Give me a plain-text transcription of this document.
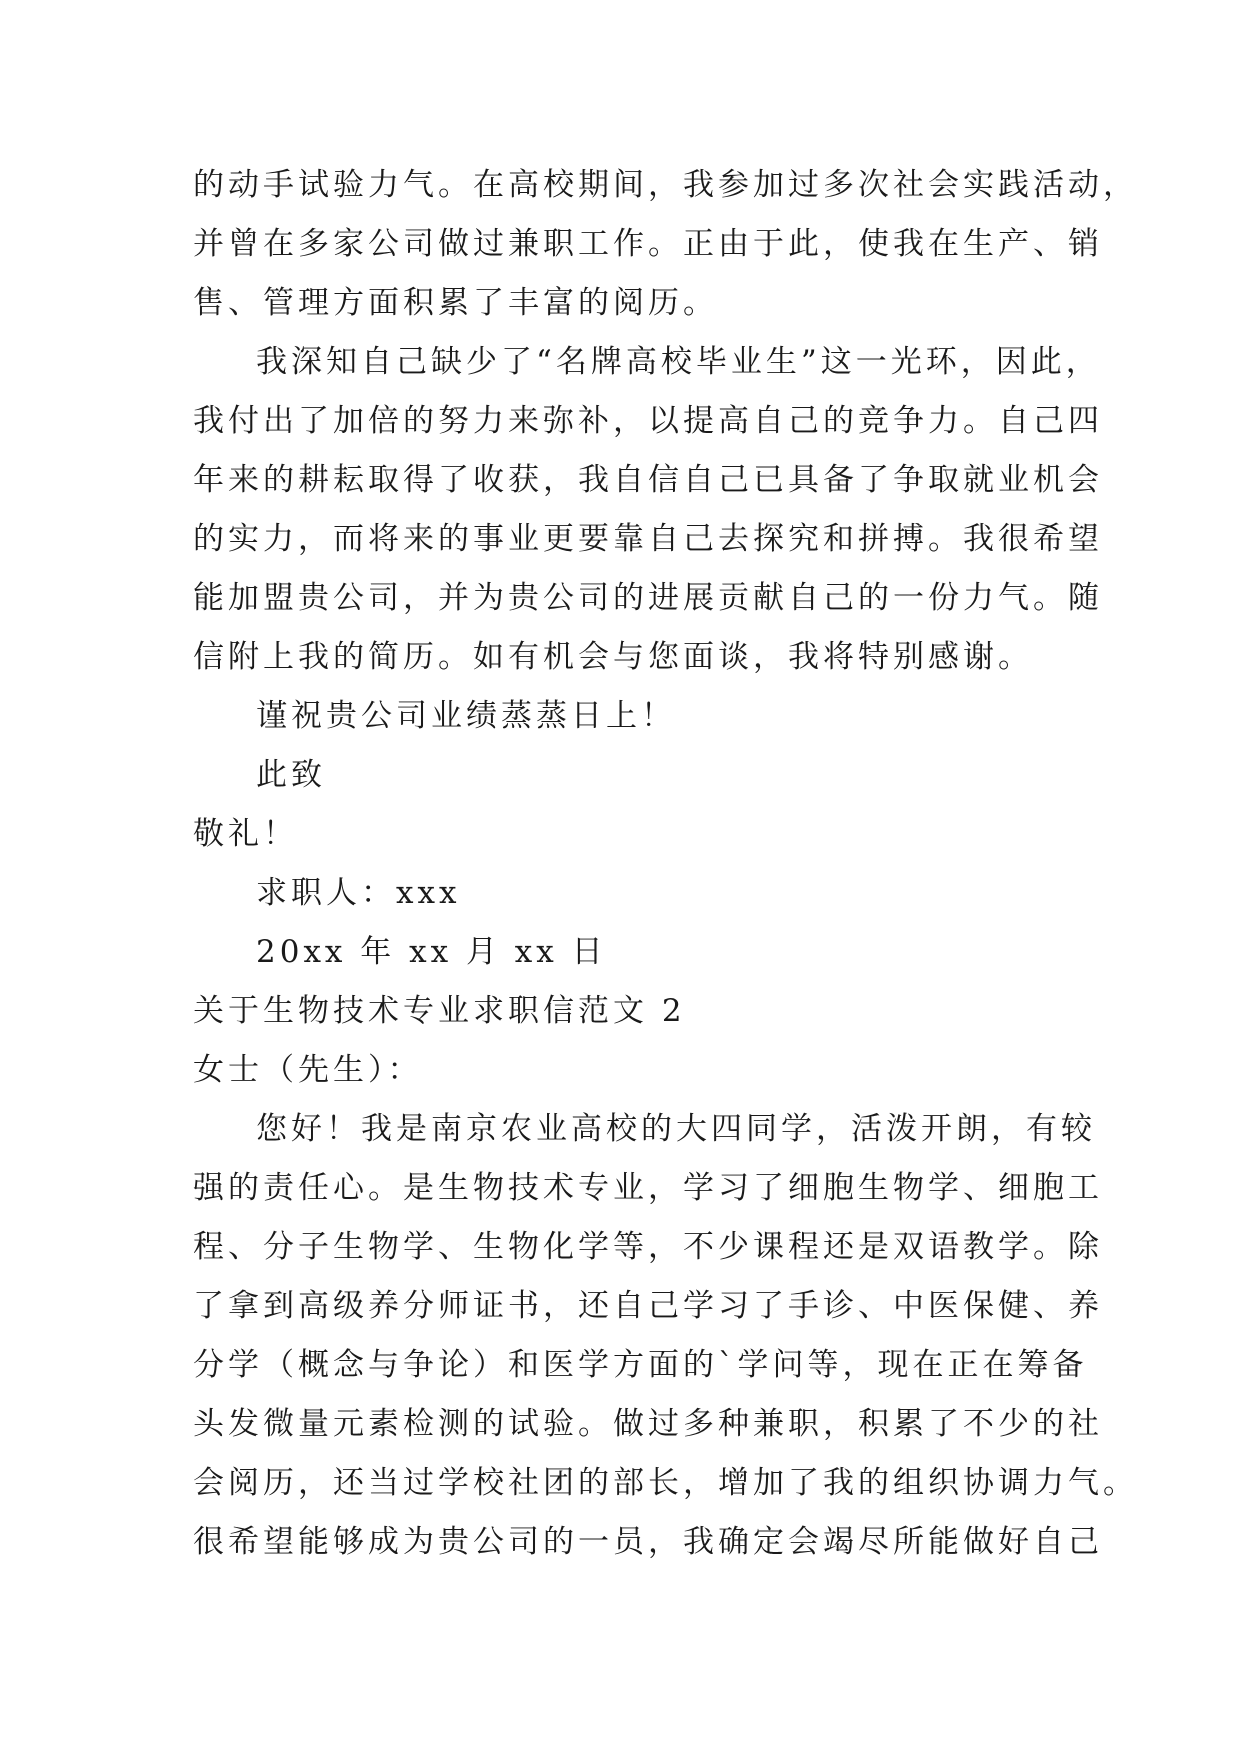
的动手试验力气。在高校期间，我参加过多次社会实践活动，
并曾在多家公司做过兼职工作。正由于此，使我在生产、销
售、管理方面积累了丰富的阅历。
我深知自己缺少了“名牌高校毕业生”这一光环，因此，
我付出了加倍的努力来弥补，以提高自己的竞争力。自己四
年来的耕耘取得了收获，我自信自己已具备了争取就业机会
的实力，而将来的事业更要靠自己去探究和拼搏。我很希望
能加盟贵公司，并为贵公司的进展贡献自己的一份力气。随
信附上我的简历。如有机会与您面谈，我将特别感谢。
谨祝贵公司业绩蒸蒸日上！
此致
敬礼！
求职人：xxx
20xx 年 xx 月 xx 日
关于生物技术专业求职信范文 2
女士（先生）：
您好！我是南京农业高校的大四同学，活泼开朗，有较
强的责任心。是生物技术专业，学习了细胞生物学、细胞工
程、分子生物学、生物化学等，不少课程还是双语教学。除
了拿到高级养分师证书，还自己学习了手诊、中医保健、养
分学（概念与争论）和医学方面的`学问等，现在正在筹备
头发微量元素检测的试验。做过多种兼职，积累了不少的社
会阅历，还当过学校社团的部长，增加了我的组织协调力气。
很希望能够成为贵公司的一员，我确定会竭尽所能做好自己
